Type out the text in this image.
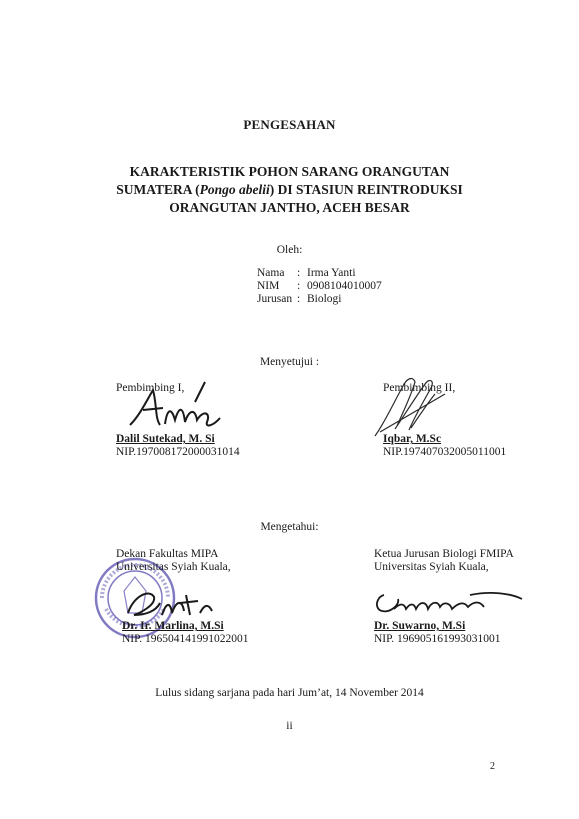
PENGESAHAN
KARAKTERISTIK POHON SARANG ORANGUTAN
SUMATERA (Pongo abelii) DI STASIUN REINTRODUKSI
ORANGUTAN JANTHO, ACEH BESAR
Oleh:
Nama : Irma Yanti
NIM : 0908104010007
Jurusan : Biologi
Menyetujui :
Pembimbing I,
Dalil Sutekad, M. Si
NIP.197008172000031014
Pembimbing II,
Iqbar, M.Sc
NIP.197407032005011001
Mengetahui:
Dekan Fakultas MIPA
Universitas Syiah Kuala,
Dr. Ir. Marlina, M.Si
NIP. 196504141991022001
Ketua Jurusan Biologi FMIPA
Universitas Syiah Kuala,
Dr. Suwarno, M.Si
NIP. 196905161993031001
Lulus sidang sarjana pada hari Jum’at, 14 November 2014
ii
2
